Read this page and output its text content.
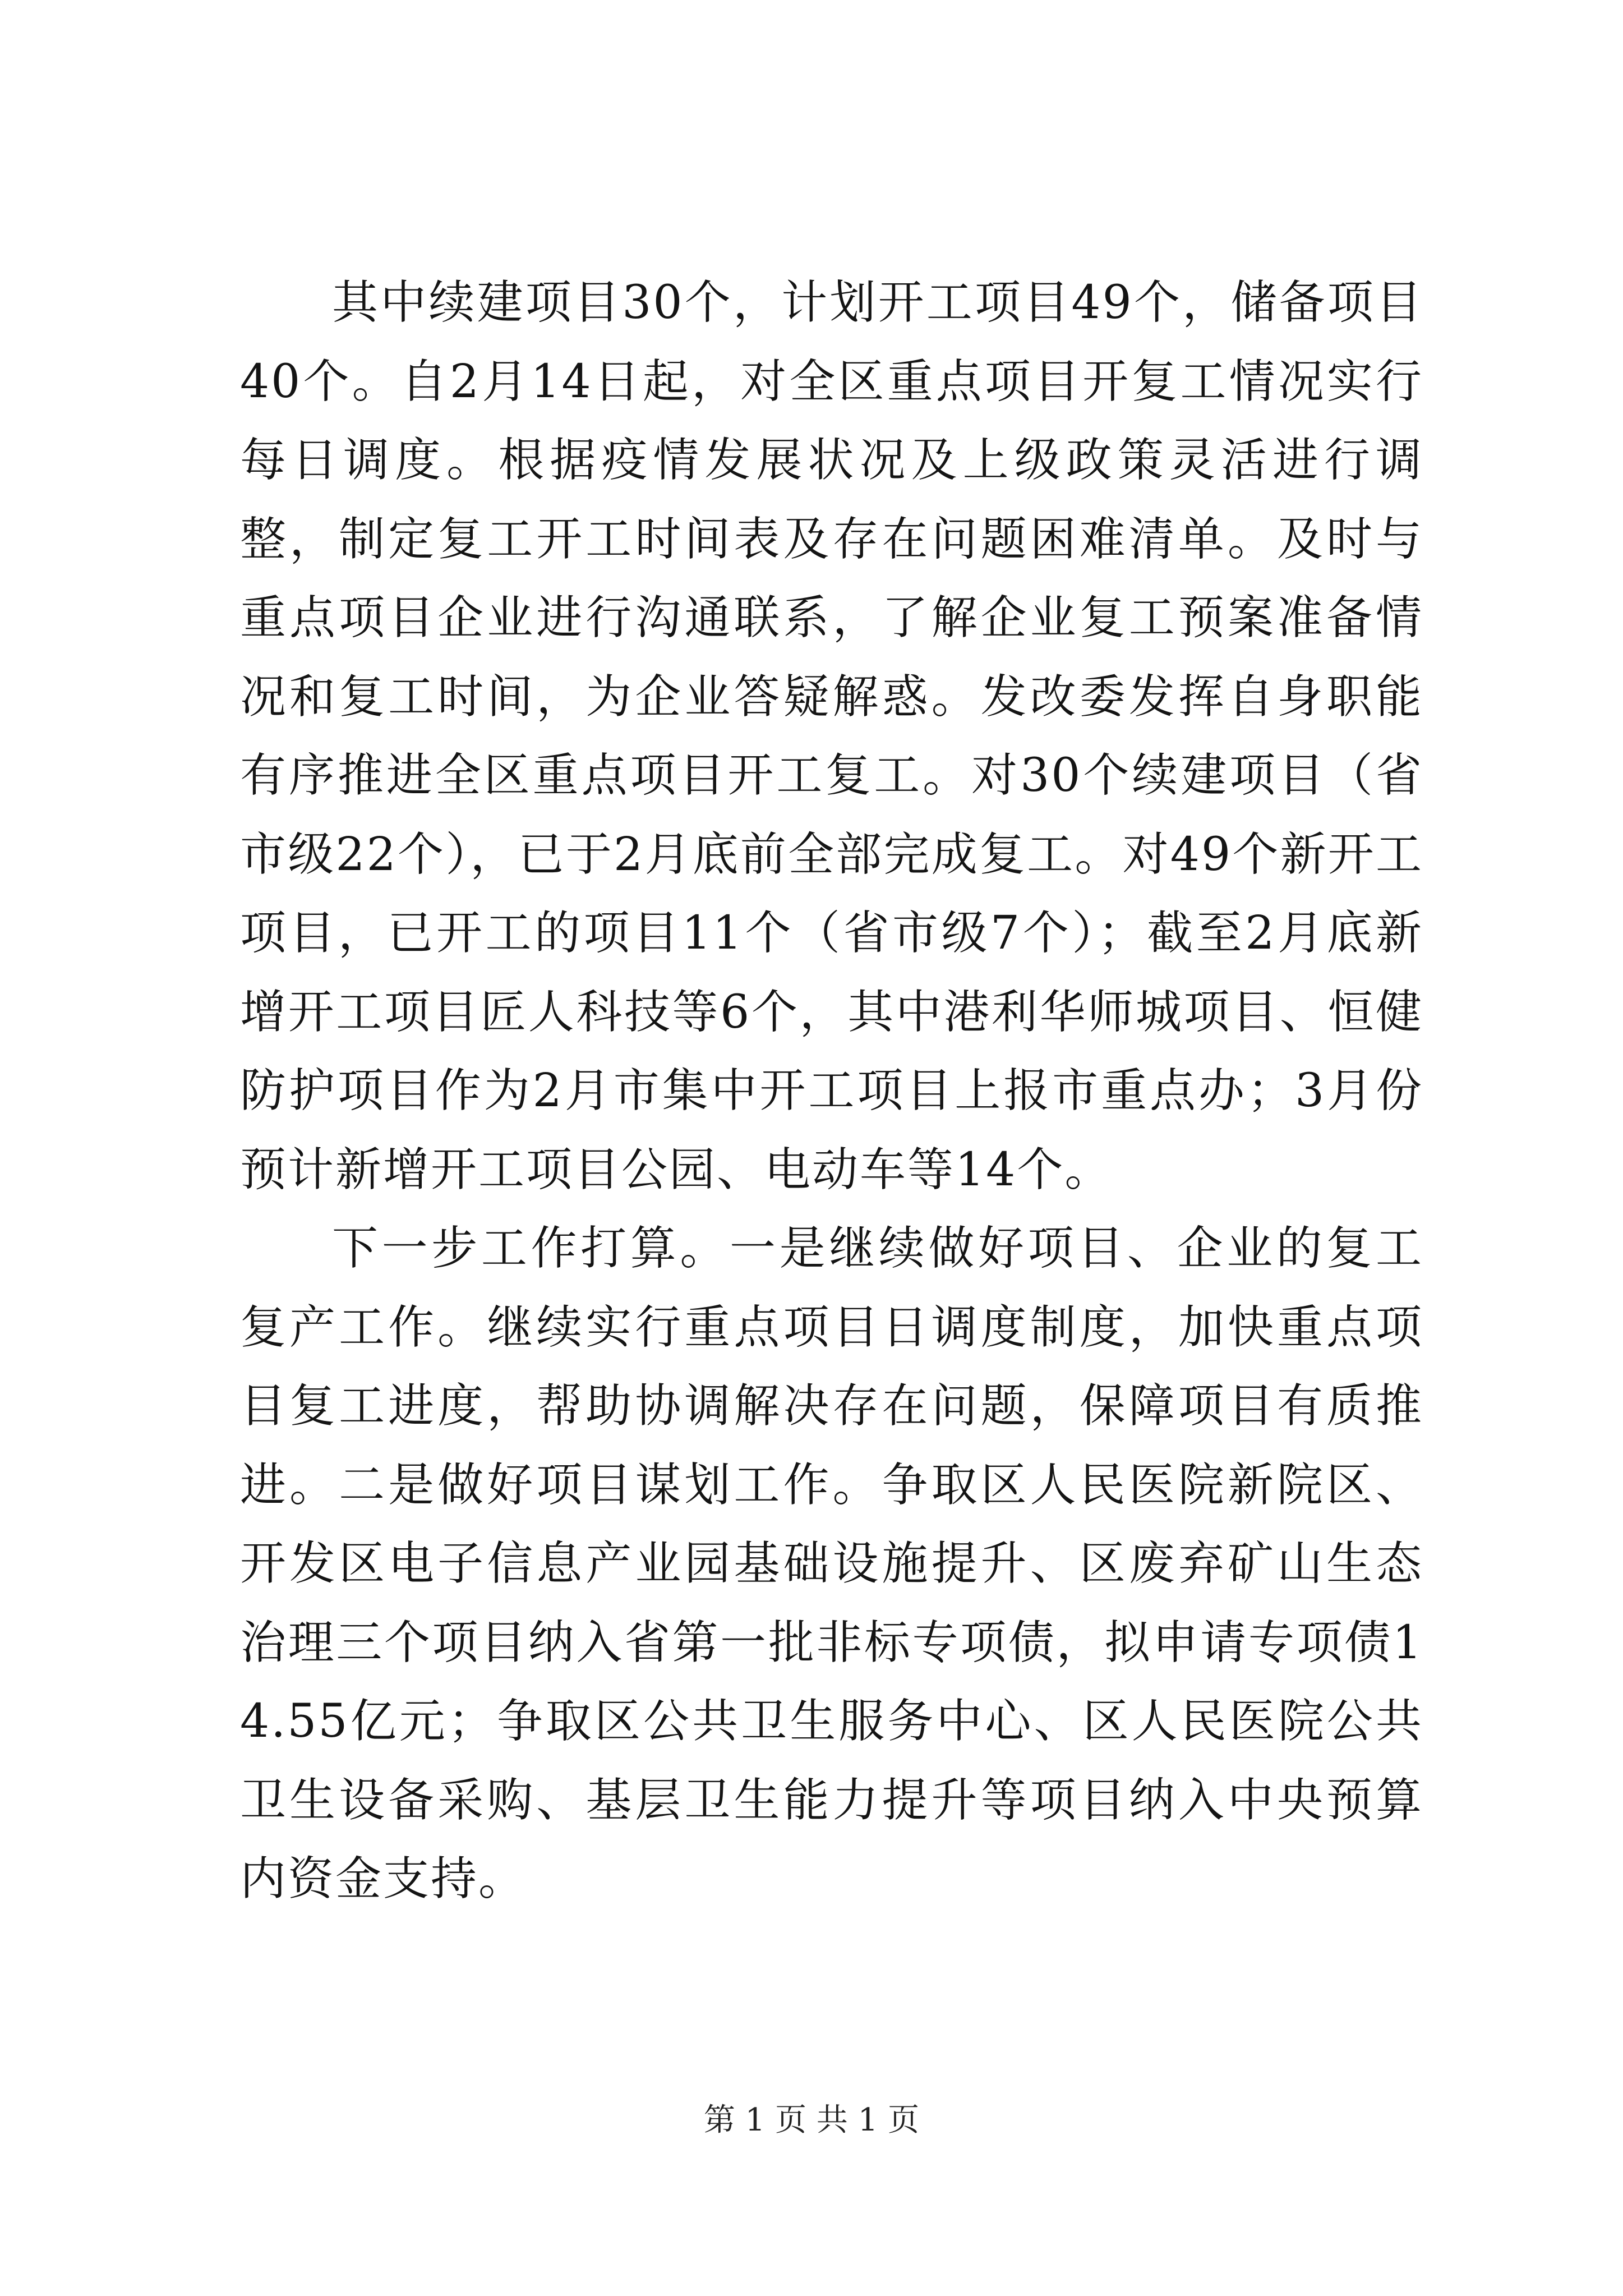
其中续建项目30个，计划开工项目49个，储备项目40个。自2月14日起，对全区重点项目开复工情况实行每日调度。根据疫情发展状况及上级政策灵活进行调整，制定复工开工时间表及存在问题困难清单。及时与重点项目企业进行沟通联系，了解企业复工预案准备情况和复工时间，为企业答疑解惑。发改委发挥自身职能有序推进全区重点项目开工复工。对30个续建项目（省市级22个），已于2月底前全部完成复工。对49个新开工项目，已开工的项目11个（省市级7个）；截至2月底新增开工项目匠人科技等6个，其中港利华师城项目、恒健防护项目作为2月市集中开工项目上报市重点办；3月份预计新增开工项目公园、电动车等14个。

下一步工作打算。一是继续做好项目、企业的复工复产工作。继续实行重点项目日调度制度，加快重点项目复工进度，帮助协调解决存在问题，保障项目有质推进。二是做好项目谋划工作。争取区人民医院新院区、开发区电子信息产业园基础设施提升、区废弃矿山生态治理三个项目纳入省第一批非标专项债，拟申请专项债14.55亿元；争取区公共卫生服务中心、区人民医院公共卫生设备采购、基层卫生能力提升等项目纳入中央预算内资金支持。

第 1 页 共 1 页
